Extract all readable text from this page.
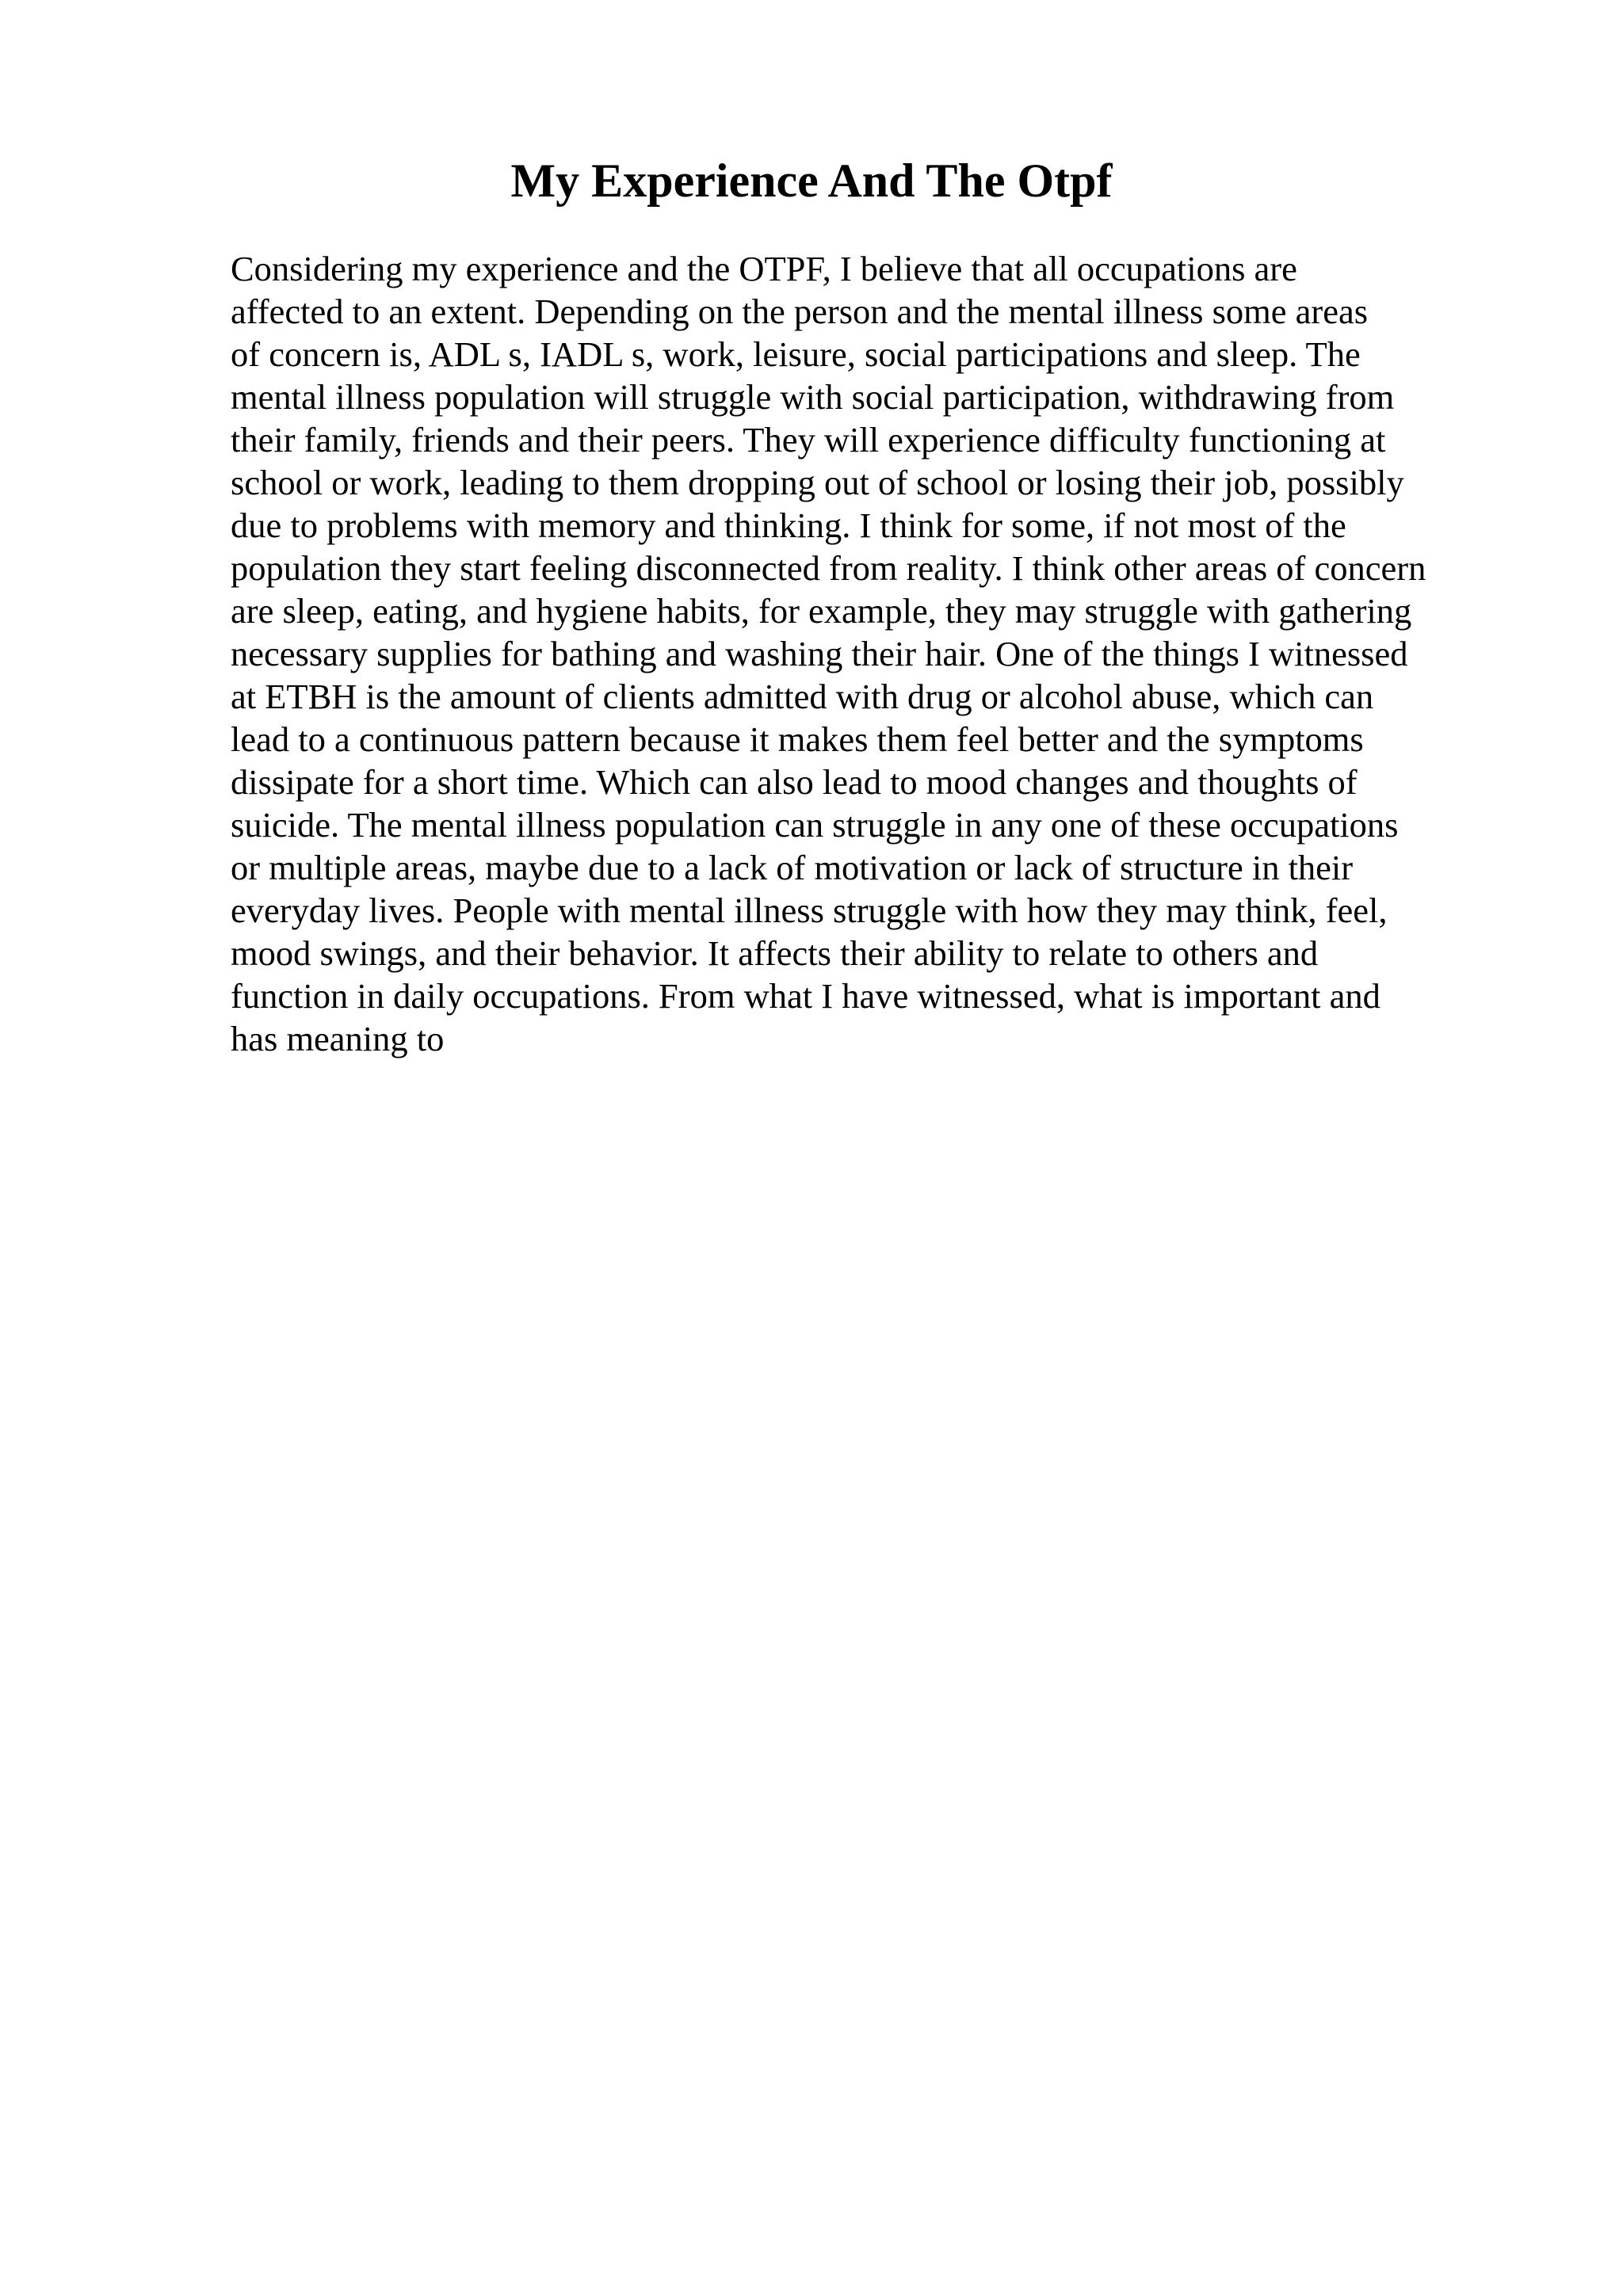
My Experience And The Otpf
Considering my experience and the OTPF, I believe that all occupations are
affected to an extent. Depending on the person and the mental illness some areas
of concern is, ADL s, IADL s, work, leisure, social participations and sleep. The
mental illness population will struggle with social participation, withdrawing from
their family, friends and their peers. They will experience difficulty functioning at
school or work, leading to them dropping out of school or losing their job, possibly
due to problems with memory and thinking. I think for some, if not most of the
population they start feeling disconnected from reality. I think other areas of concern
are sleep, eating, and hygiene habits, for example, they may struggle with gathering
necessary supplies for bathing and washing their hair. One of the things I witnessed
at ETBH is the amount of clients admitted with drug or alcohol abuse, which can
lead to a continuous pattern because it makes them feel better and the symptoms
dissipate for a short time. Which can also lead to mood changes and thoughts of
suicide. The mental illness population can struggle in any one of these occupations
or multiple areas, maybe due to a lack of motivation or lack of structure in their
everyday lives. People with mental illness struggle with how they may think, feel,
mood swings, and their behavior. It affects their ability to relate to others and
function in daily occupations. From what I have witnessed, what is important and
has meaning to
